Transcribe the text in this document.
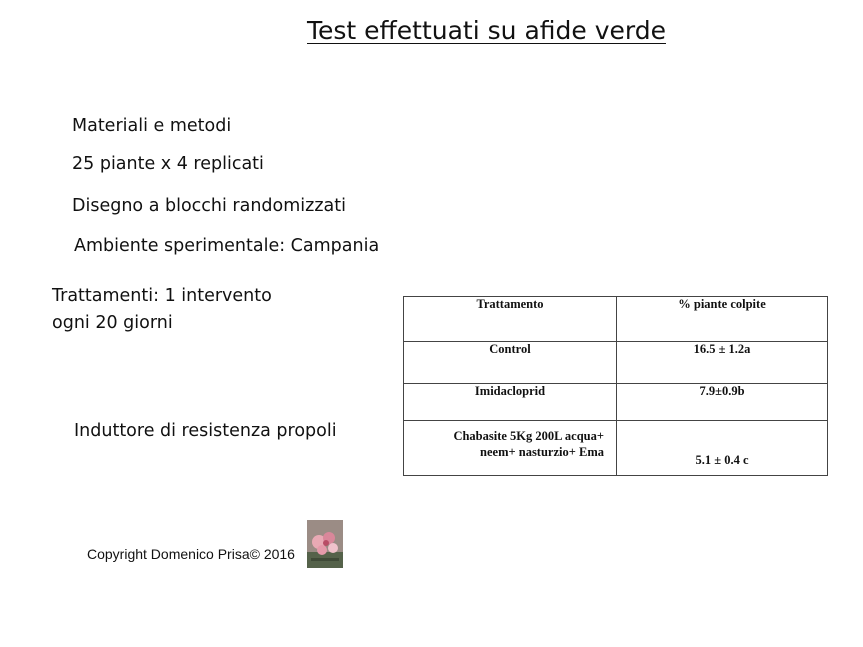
Test effettuati su afide verde
Materiali e metodi
25 piante x 4 replicati
Disegno a blocchi randomizzati
Ambiente sperimentale: Campania
Trattamenti: 1 intervento ogni 20 giorni
Induttore di resistenza propoli
Trattamento	% piante colpite
Control	16.5 ± 1.2a
Imidacloprid	7.9±0.9b

Chabasite 5Kg 200L acqua+
neem+ nasturzio+ Ema	5.1 ± 0.4 c
Copyright Domenico Prisa© 2016
